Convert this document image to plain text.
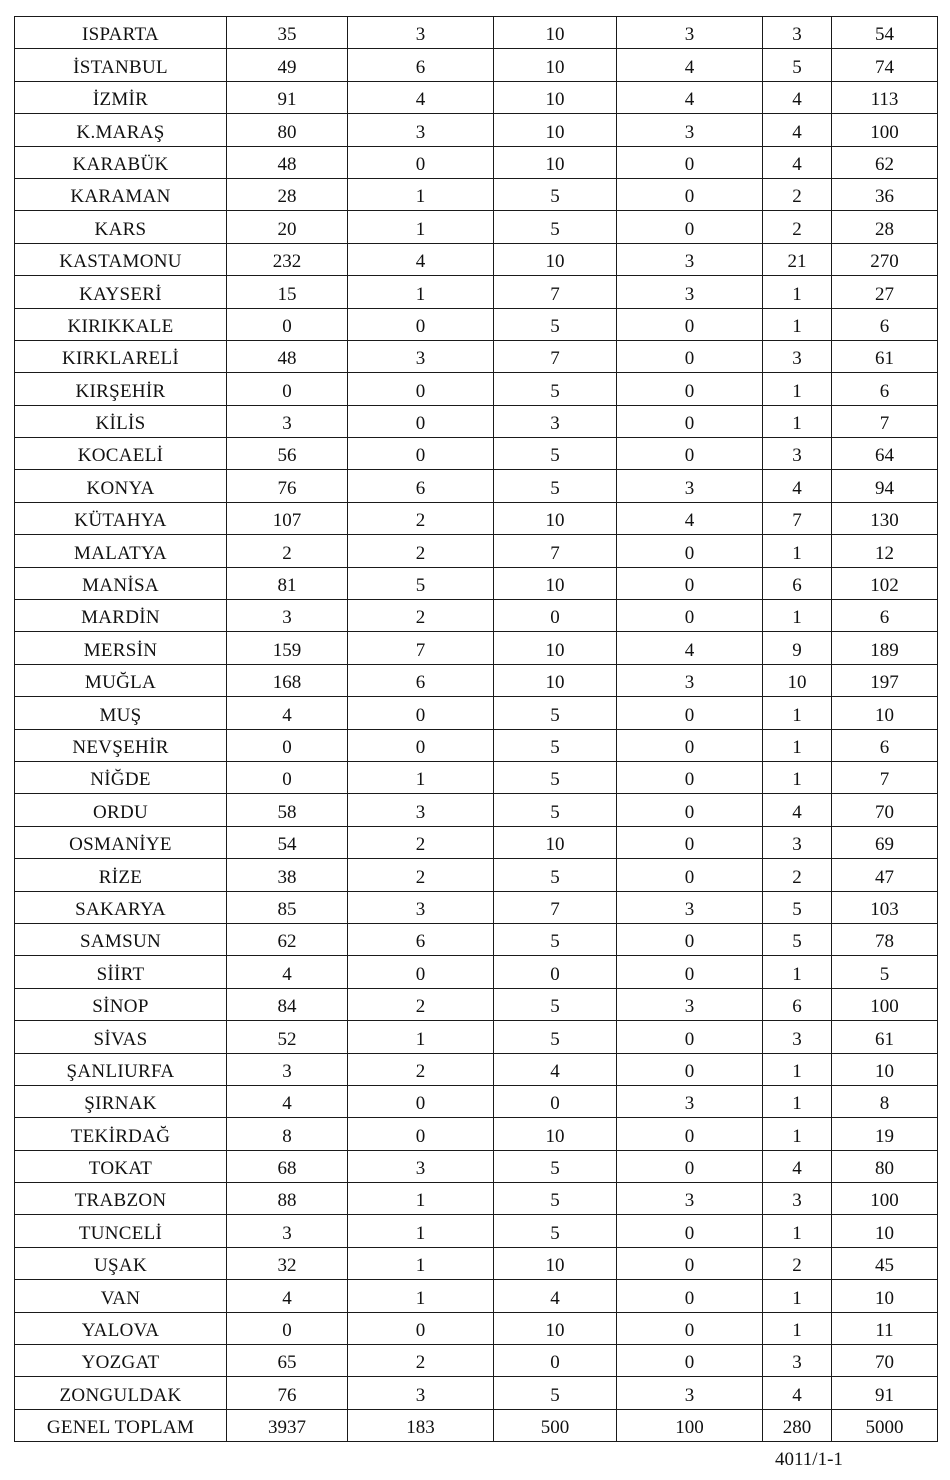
ISPARTA	35	3	10	3	3	54
İSTANBUL	49	6	10	4	5	74
İZMİR	91	4	10	4	4	113
K.MARAŞ	80	3	10	3	4	100
KARABÜK	48	0	10	0	4	62
KARAMAN	28	1	5	0	2	36
KARS	20	1	5	0	2	28
KASTAMONU	232	4	10	3	21	270
KAYSERİ	15	1	7	3	1	27
KIRIKKALE	0	0	5	0	1	6
KIRKLARELİ	48	3	7	0	3	61
KIRŞEHİR	0	0	5	0	1	6
KİLİS	3	0	3	0	1	7
KOCAELİ	56	0	5	0	3	64
KONYA	76	6	5	3	4	94
KÜTAHYA	107	2	10	4	7	130
MALATYA	2	2	7	0	1	12
MANİSA	81	5	10	0	6	102
MARDİN	3	2	0	0	1	6
MERSİN	159	7	10	4	9	189
MUĞLA	168	6	10	3	10	197
MUŞ	4	0	5	0	1	10
NEVŞEHİR	0	0	5	0	1	6
NİĞDE	0	1	5	0	1	7
ORDU	58	3	5	0	4	70
OSMANİYE	54	2	10	0	3	69
RİZE	38	2	5	0	2	47
SAKARYA	85	3	7	3	5	103
SAMSUN	62	6	5	0	5	78
SİİRT	4	0	0	0	1	5
SİNOP	84	2	5	3	6	100
SİVAS	52	1	5	0	3	61
ŞANLIURFA	3	2	4	0	1	10
ŞIRNAK	4	0	0	3	1	8
TEKİRDAĞ	8	0	10	0	1	19
TOKAT	68	3	5	0	4	80
TRABZON	88	1	5	3	3	100
TUNCELİ	3	1	5	0	1	10
UŞAK	32	1	10	0	2	45
VAN	4	1	4	0	1	10
YALOVA	0	0	10	0	1	11
YOZGAT	65	2	0	0	3	70
ZONGULDAK	76	3	5	3	4	91
GENEL TOPLAM	3937	183	500	100	280	5000
4011/1-1
